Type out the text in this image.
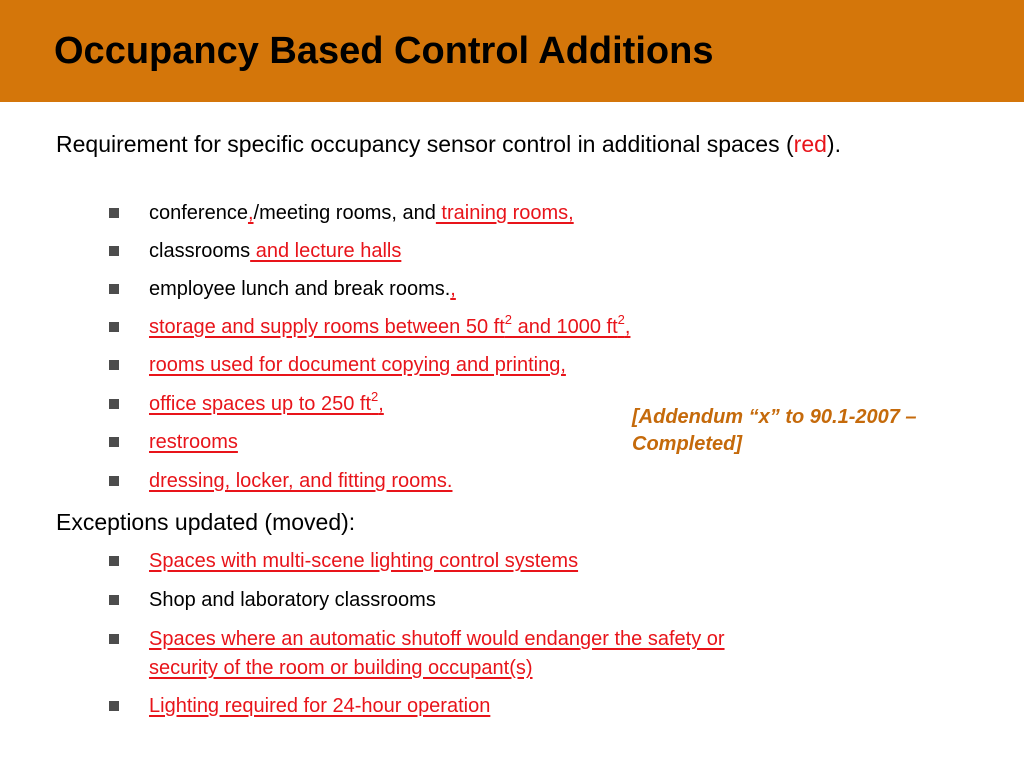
Occupancy Based Control Additions
Requirement for specific occupancy sensor control in additional spaces (red).
conference,/meeting rooms, and training rooms,
classrooms and lecture halls
employee lunch and break rooms.,
storage and supply rooms between 50 $ft^2$ and 1000 $ft^2$,
rooms used for document copying and printing,
office spaces up to 250 $ft^2$,
restrooms
dressing, locker, and fitting rooms.
Exceptions updated (moved):
Spaces with multi-scene lighting control systems
Shop and laboratory classrooms
Spaces where an automatic shutoff would endanger the safety or
security of the room or building occupant(s)
Lighting required for 24-hour operation
[Addendum “x” to 90.1-2007 – Completed]
